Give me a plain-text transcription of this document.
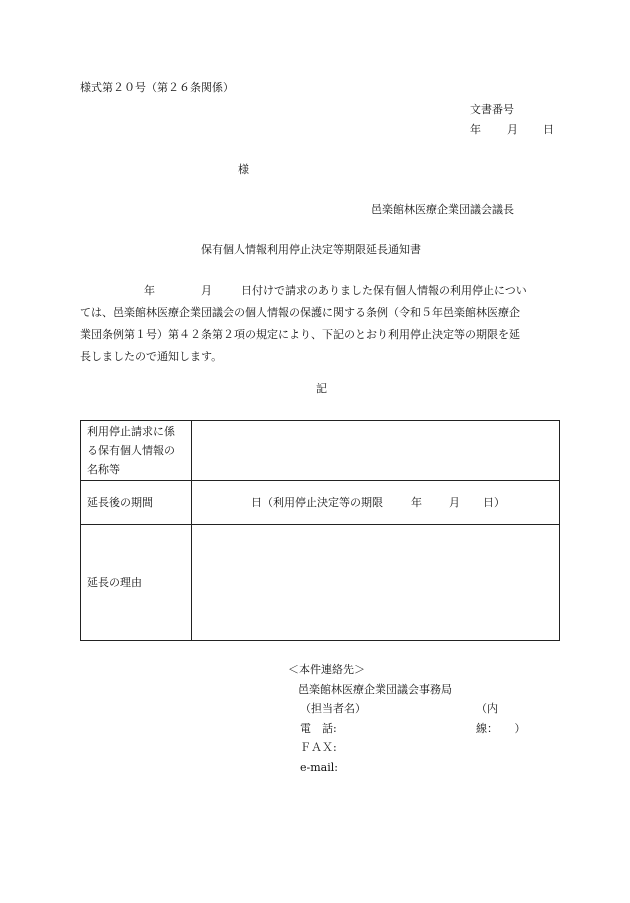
様式第２０号（第２６条関係）
文書番号
年 月 日
様
邑楽館林医療企業団議会議長
保有個人情報利用停止決定等期限延長通知書
年	月	日付けで請求のありました保有個人情報の利用停止につい
ては、邑楽館林医療企業団議会の個人情報の保護に関する条例（令和５年邑楽館林医療企
業団条例第１号）第４２条第２項の規定により、下記のとおり利用停止決定等の期限を延
長しましたので通知します。
記
利用停止請求に係る保有個人情報の名称等	
延長後の期間	日（利用停止決定等の期限 年 月 日）
延長の理由	
＜本件連絡先＞
邑楽館林医療企業団議会事務局
（担当者名）	（内線：　　）
電　話:
ＦＡＸ:
e-mail:
